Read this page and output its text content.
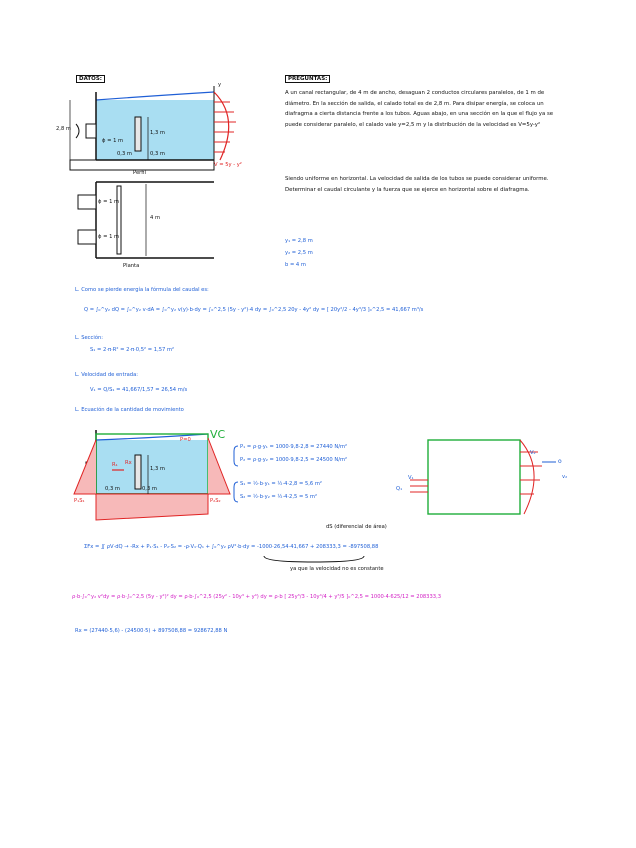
DATOS:	PREGUNTAS:
A un canal rectangular, de 4 m de ancho, desaguan 2 conductos circulares paralelos, de 1 m de diámetro. En la sección de salida, el calado total es de 2,8 m. Para disipar energía, se coloca un diafragma a cierta distancia frente a los tubos. Aguas abajo, en una sección en la que el flujo ya se puede considerar paralelo, el calado vale y=2,5 m y la distribución de la velocidad es V=5y-y²
Siendo uniforme en horizontal. La velocidad de salida de los tubos se puede considerar uniforme. Determinar el caudal circulante y la fuerza que se ejerce en horizontal sobre el diafragma.
y₁ = 2,8 m
y₂ = 2,5 m
b = 4 m
2,8 m
ϕ = 1 m
1,3 m
0,3 m	0,3 m
V = 5y - y²
y
Perfil
ϕ = 1 m
ϕ = 1 m
4 m
Planta
L. Como se pierde energía la fórmula del caudal es:
Q = ∫₀^y₂ dQ = ∫₀^y₂ v·dA = ∫₀^y₂ v(y)·b·dy = ∫₀^2,5 (5y - y²)·4 dy = ∫₀^2,5 20y - 4y² dy = [ 20y²/2 - 4y³/3 ]₀^2,5 = 41,667 m³/s
L. Sección:
S₁ = 2·π·R² = 2·π·0,5² = 1,57 m²
L. Velocidad de entrada:
V₁ = Q/S₁ = 41,667/1,57 = 26,54 m/s
L. Ecuación de la cantidad de movimiento
VC
1,3 m
0,3 m	0,3 m
P=0
Rx
R₁
P₁S₁	P₂S₂
P₁ = ρ·g·y₁ = 1000·9,8·2,8 = 27440 N/m²
P₂ = ρ·g·y₂ = 1000·9,8·2,5 = 24500 N/m²
S₁ = ½·b·y₁ = ½·4·2,8 = 5,6 m²
S₂ = ½·b·y₂ = ½·4·2,5 = 5 m²
V₁
Q₁
V₂
o
v₂
dS (diferencial de área)
ΣFx = ∬ ρV·dQ → -Rx + P₁·S₁ - P₂·S₂ = -ρ·V₁·Q₁ + ∫₀^y₂ ρV²·b·dy = -1000·26,54·41,667 + 208333,3 = -897508,88
ya que la velocidad no es constante
ρ·b·∫₀^y₂ v²dy = ρ·b·∫₀^2,5 (5y - y²)² dy = ρ·b·∫₀^2,5 (25y² - 10y³ + y⁴) dy = ρ·b [ 25y³/3 - 10y⁴/4 + y⁵/5 ]₀^2,5 = 1000·4·625/12 = 208333,3
Rx = (27440·5,6) - (24500·5) + 897508,88 = 928672,88 N
